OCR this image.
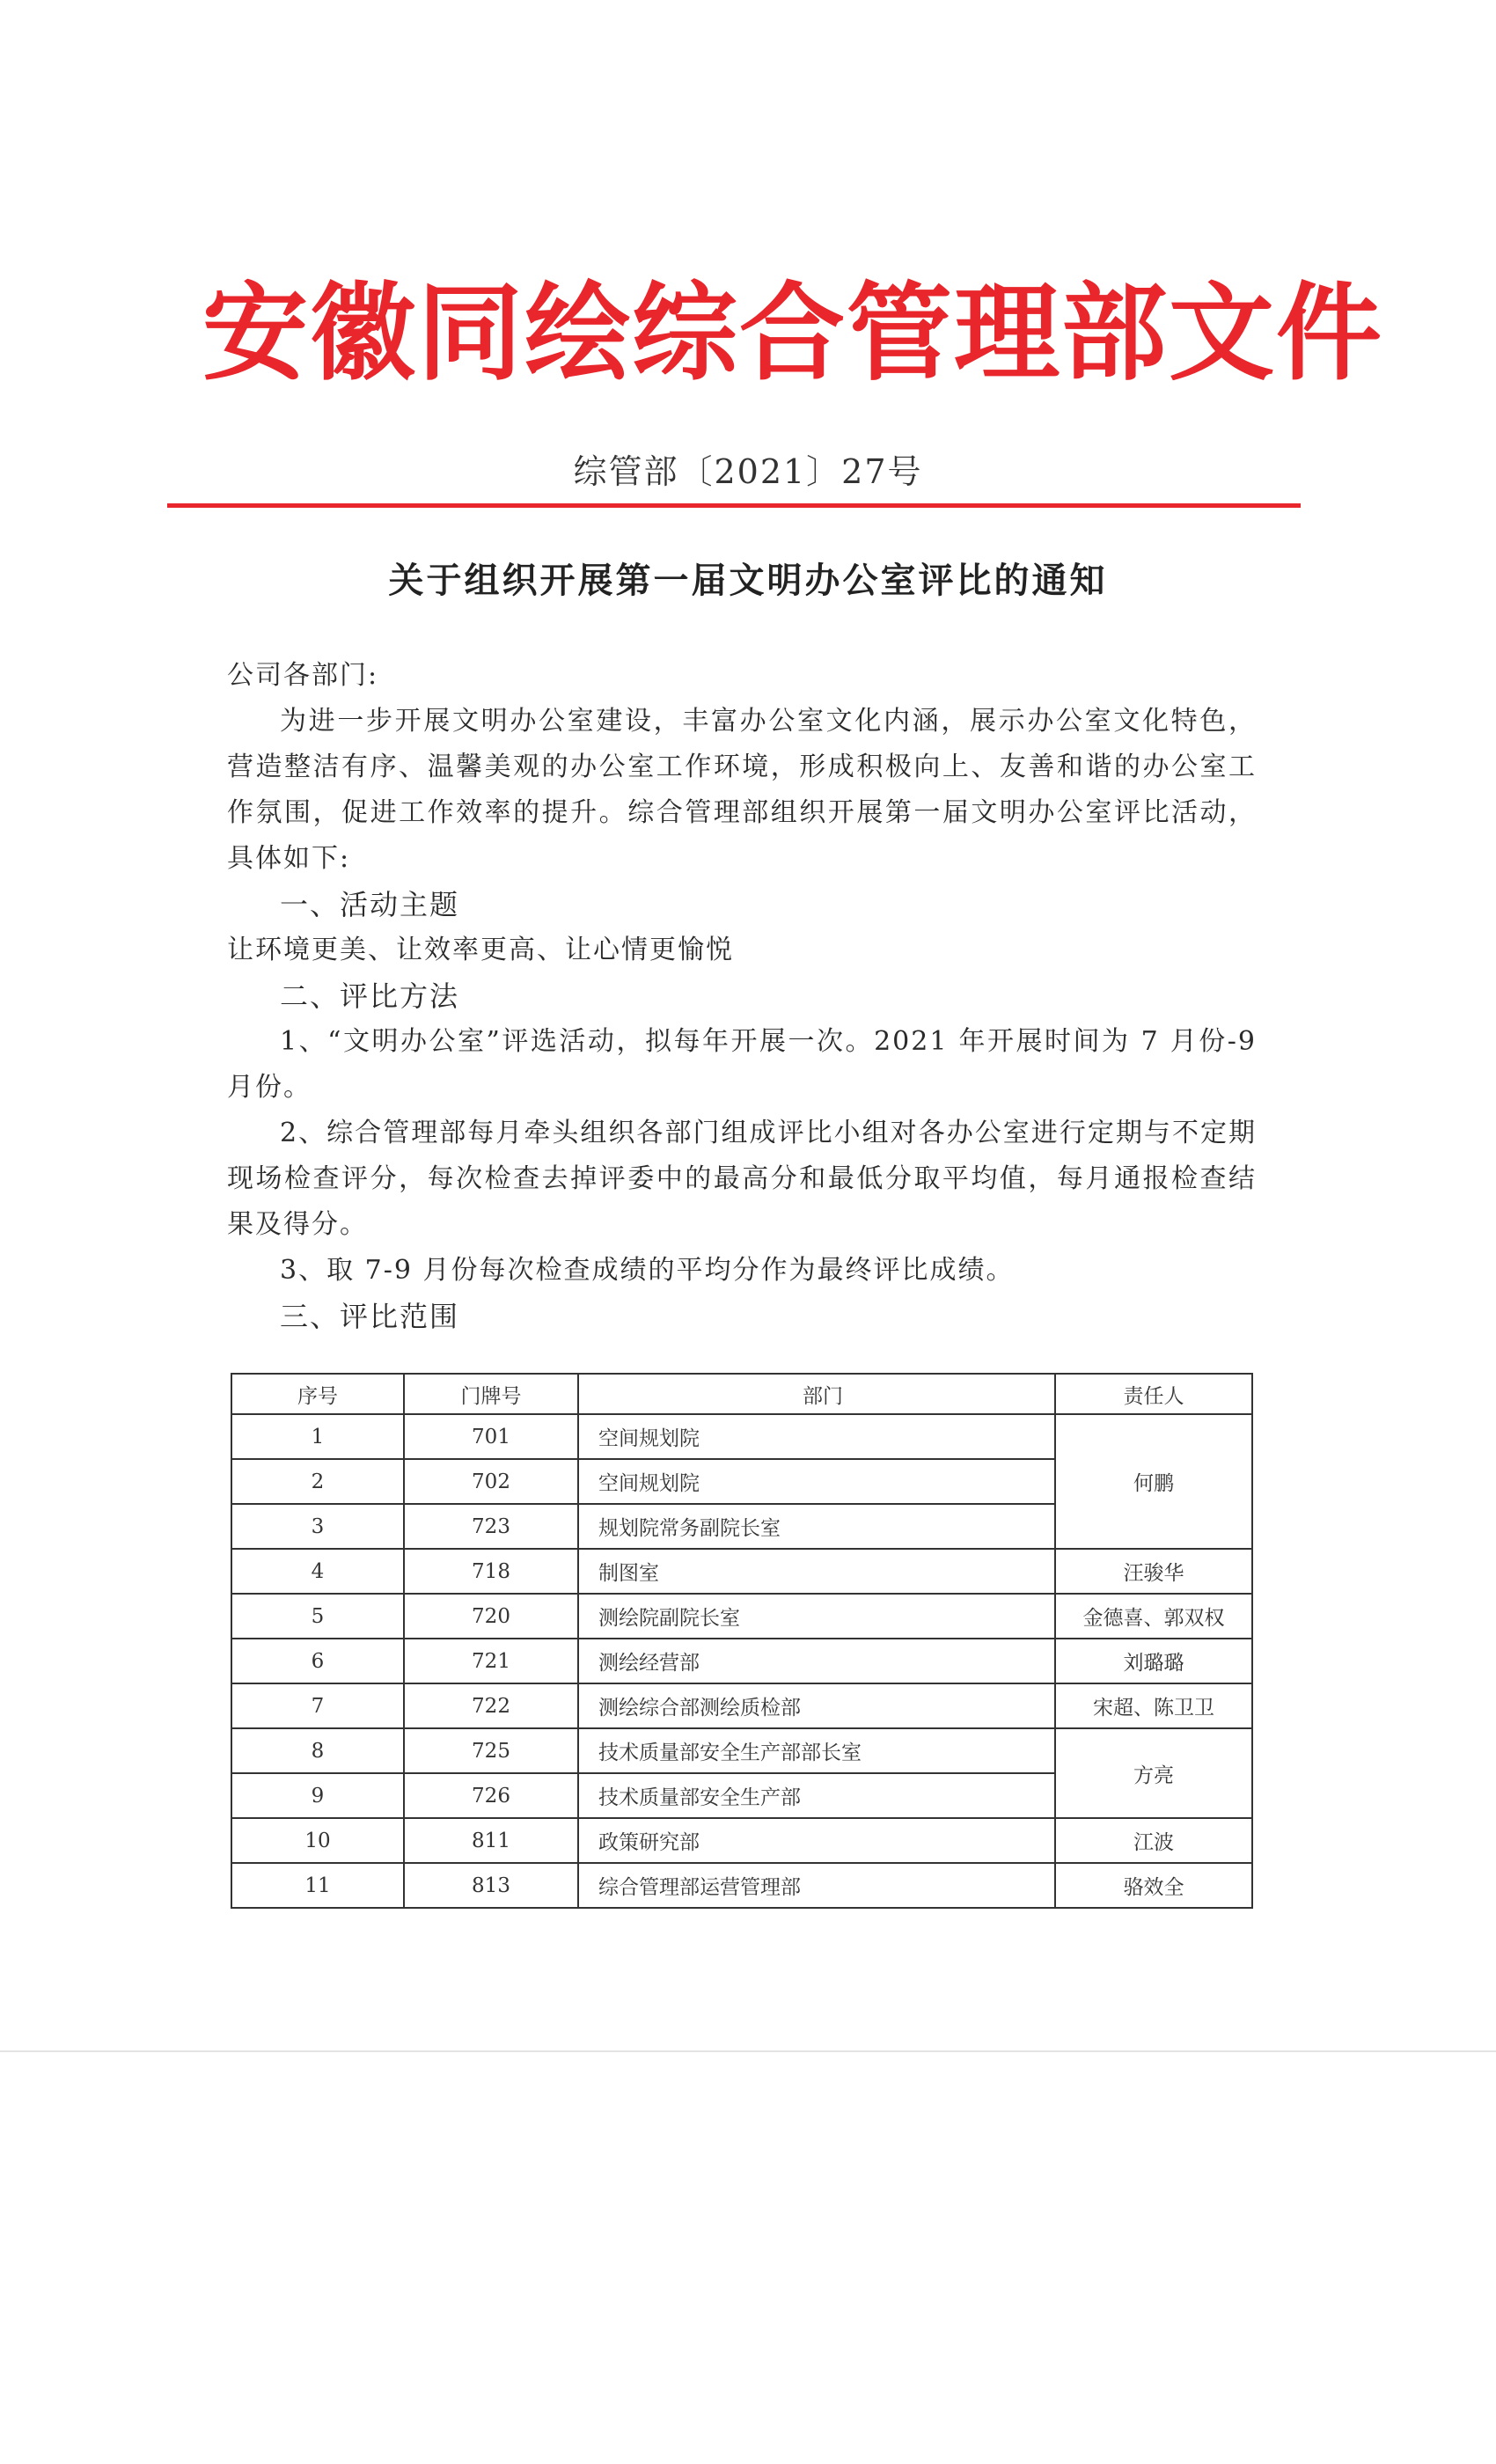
安徽同绘综合管理部文件
综管部〔2021〕27号
关于组织开展第一届文明办公室评比的通知

公司各部门:

为进一步开展文明办公室建设，丰富办公室文化内涵，展示办公室文化特色，营造整洁有序、温馨美观的办公室工作环境，形成积极向上、友善和谐的办公室工作氛围，促进工作效率的提升。综合管理部组织开展第一届文明办公室评比活动，具体如下:

一、活动主题

让环境更美、让效率更高、让心情更愉悦

二、评比方法

1、“文明办公室”评选活动，拟每年开展一次。2021 年开展时间为 7 月份-9 月份。

2、综合管理部每月牵头组织各部门组成评比小组对各办公室进行定期与不定期现场检查评分，每次检查去掉评委中的最高分和最低分取平均值，每月通报检查结果及得分。

3、取 7-9 月份每次检查成绩的平均分作为最终评比成绩。

三、评比范围

序号	门牌号	部门	责任人
1	701	空间规划院	何鹏
2	702	空间规划院	
3	723	规划院常务副院长室	
4	718	制图室	汪骏华
5	720	测绘院副院长室	金德喜、郭双权
6	721	测绘经营部	刘璐璐
7	722	测绘综合部测绘质检部	宋超、陈卫卫
8	725	技术质量部安全生产部部长室	方亮
9	726	技术质量部安全生产部	
10	811	政策研究部	江波
11	813	综合管理部运营管理部	骆效全
